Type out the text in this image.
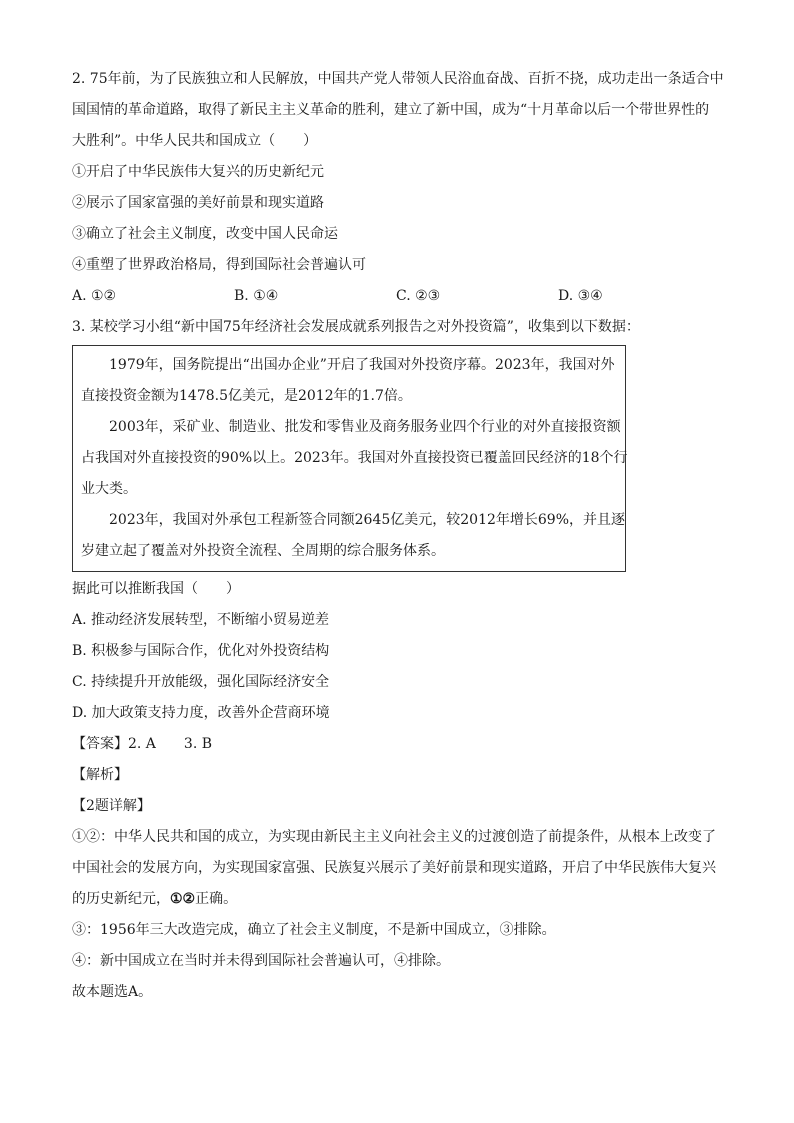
2. 75年前，为了民族独立和人民解放，中国共产党人带领人民浴血奋战、百折不挠，成功走出一条适合中
国国情的革命道路，取得了新民主主义革命的胜利，建立了新中国，成为“十月革命以后一个带世界性的
大胜利”。中华人民共和国成立（　　）
①开启了中华民族伟大复兴的历史新纪元
②展示了国家富强的美好前景和现实道路
③确立了社会主义制度，改变中国人民命运
④重塑了世界政治格局，得到国际社会普遍认可
A. ①②	B. ①④	C. ②③	D. ③④
3. 某校学习小组“新中国75年经济社会发展成就系列报告之对外投资篇”，收集到以下数据：
1979年，国务院提出“出国办企业”开启了我国对外投资序幕。2023年，我国对外
直接投资金额为1478.5亿美元，是2012年的1.7倍。
2003年，采矿业、制造业、批发和零售业及商务服务业四个行业的对外直接报资额
占我国对外直接投资的90%以上。2023年。我国对外直接投资已覆盖回民经济的18个行
业大类。
2023年，我国对外承包工程新签合同额2645亿美元，较2012年增长69%，并且逐
岁建立起了覆盖对外投资全流程、全周期的综合服务体系。
据此可以推断我国（　　）
A. 推动经济发展转型，不断缩小贸易逆差
B. 积极参与国际合作，优化对外投资结构
C. 持续提升开放能级，强化国际经济安全
D. 加大政策支持力度，改善外企营商环境
【答案】2. A　　3. B
【解析】
【2题详解】
①②：中华人民共和国的成立，为实现由新民主主义向社会主义的过渡创造了前提条件，从根本上改变了
中国社会的发展方向，为实现国家富强、民族复兴展示了美好前景和现实道路，开启了中华民族伟大复兴
的历史新纪元，①②正确。
③：1956年三大改造完成，确立了社会主义制度，不是新中国成立，③排除。
④：新中国成立在当时并未得到国际社会普遍认可，④排除。
故本题选A。
